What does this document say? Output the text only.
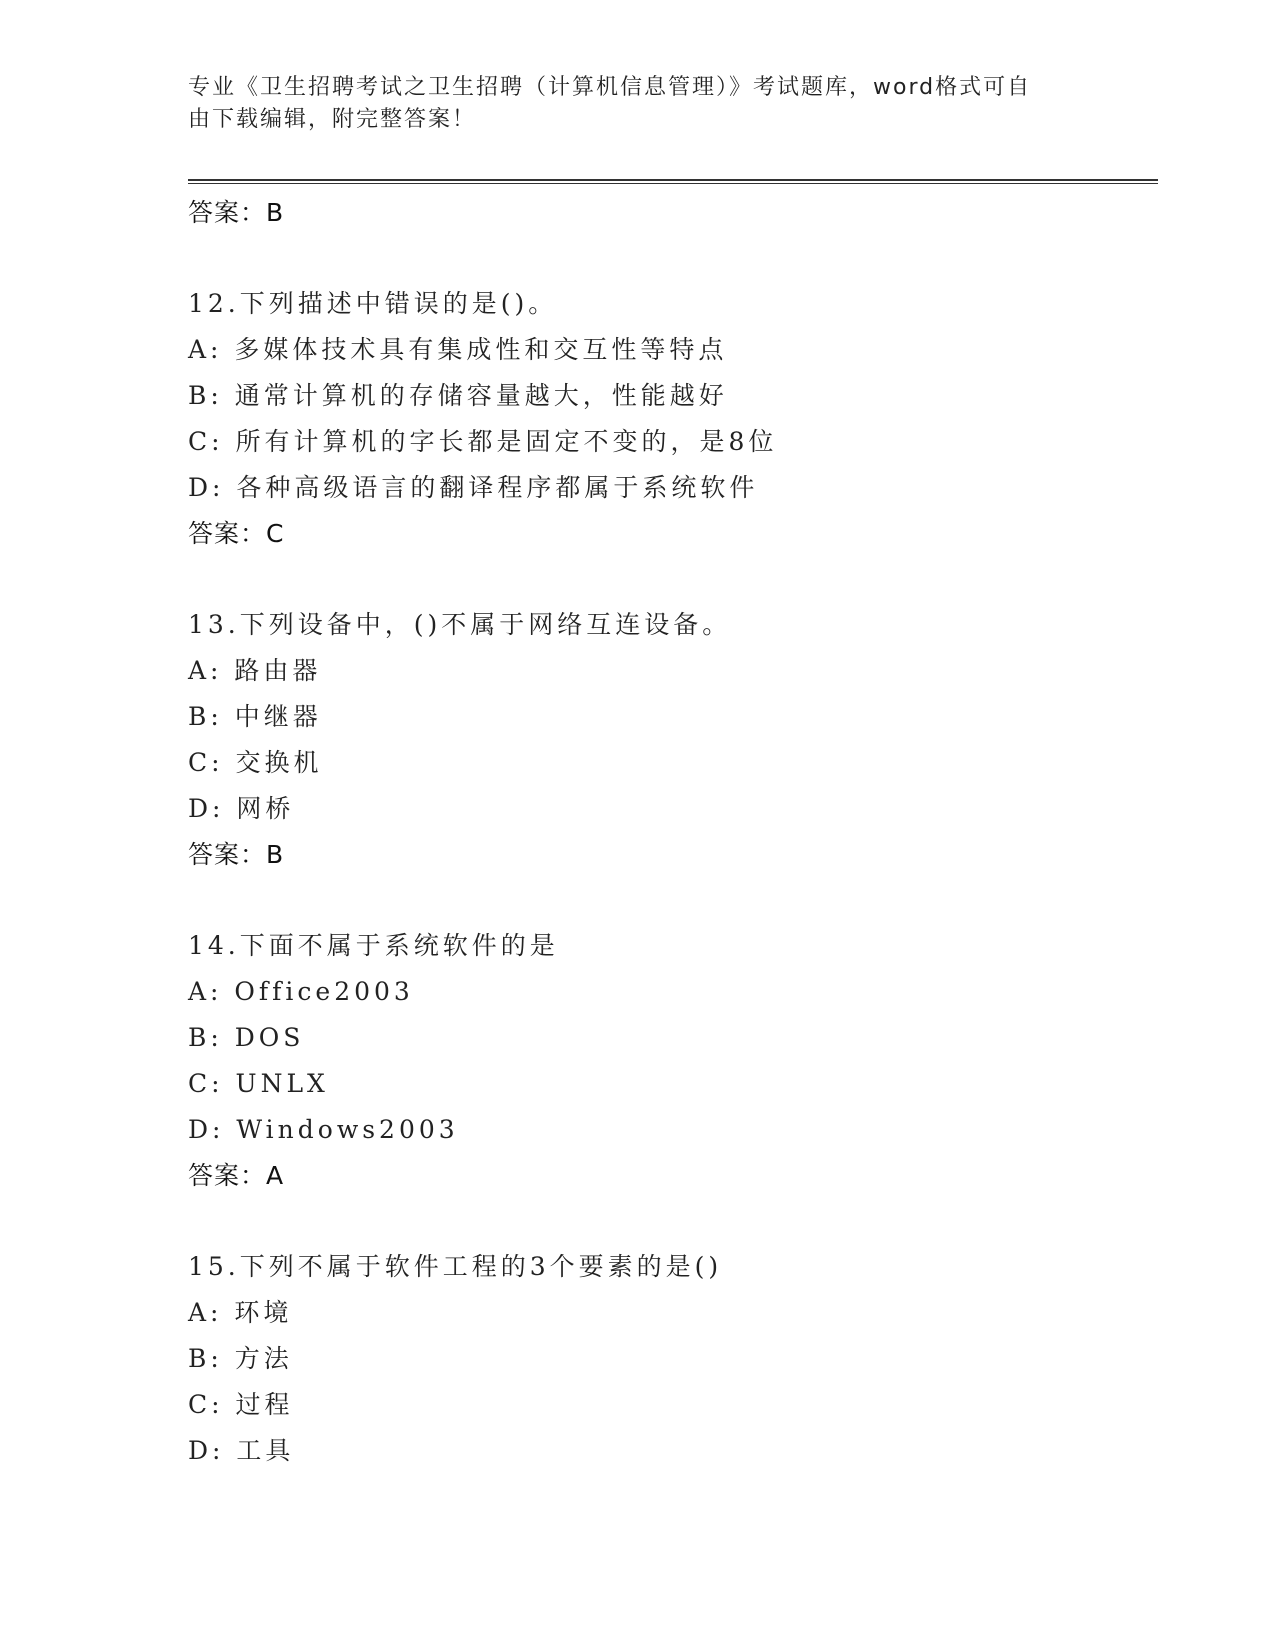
专业《卫生招聘考试之卫生招聘（计算机信息管理）》考试题库，word格式可自
由下载编辑，附完整答案！
答案：B
12.下列描述中错误的是()。
A: 多媒体技术具有集成性和交互性等特点
B: 通常计算机的存储容量越大，性能越好
C: 所有计算机的字长都是固定不变的，是8位
D: 各种高级语言的翻译程序都属于系统软件
答案：C
13.下列设备中，()不属于网络互连设备。
A: 路由器
B: 中继器
C: 交换机
D: 网桥
答案：B
14.下面不属于系统软件的是
A: Office2003
B: DOS
C: UNLX
D: Windows2003
答案：A
15.下列不属于软件工程的3个要素的是()
A: 环境
B: 方法
C: 过程
D: 工具
